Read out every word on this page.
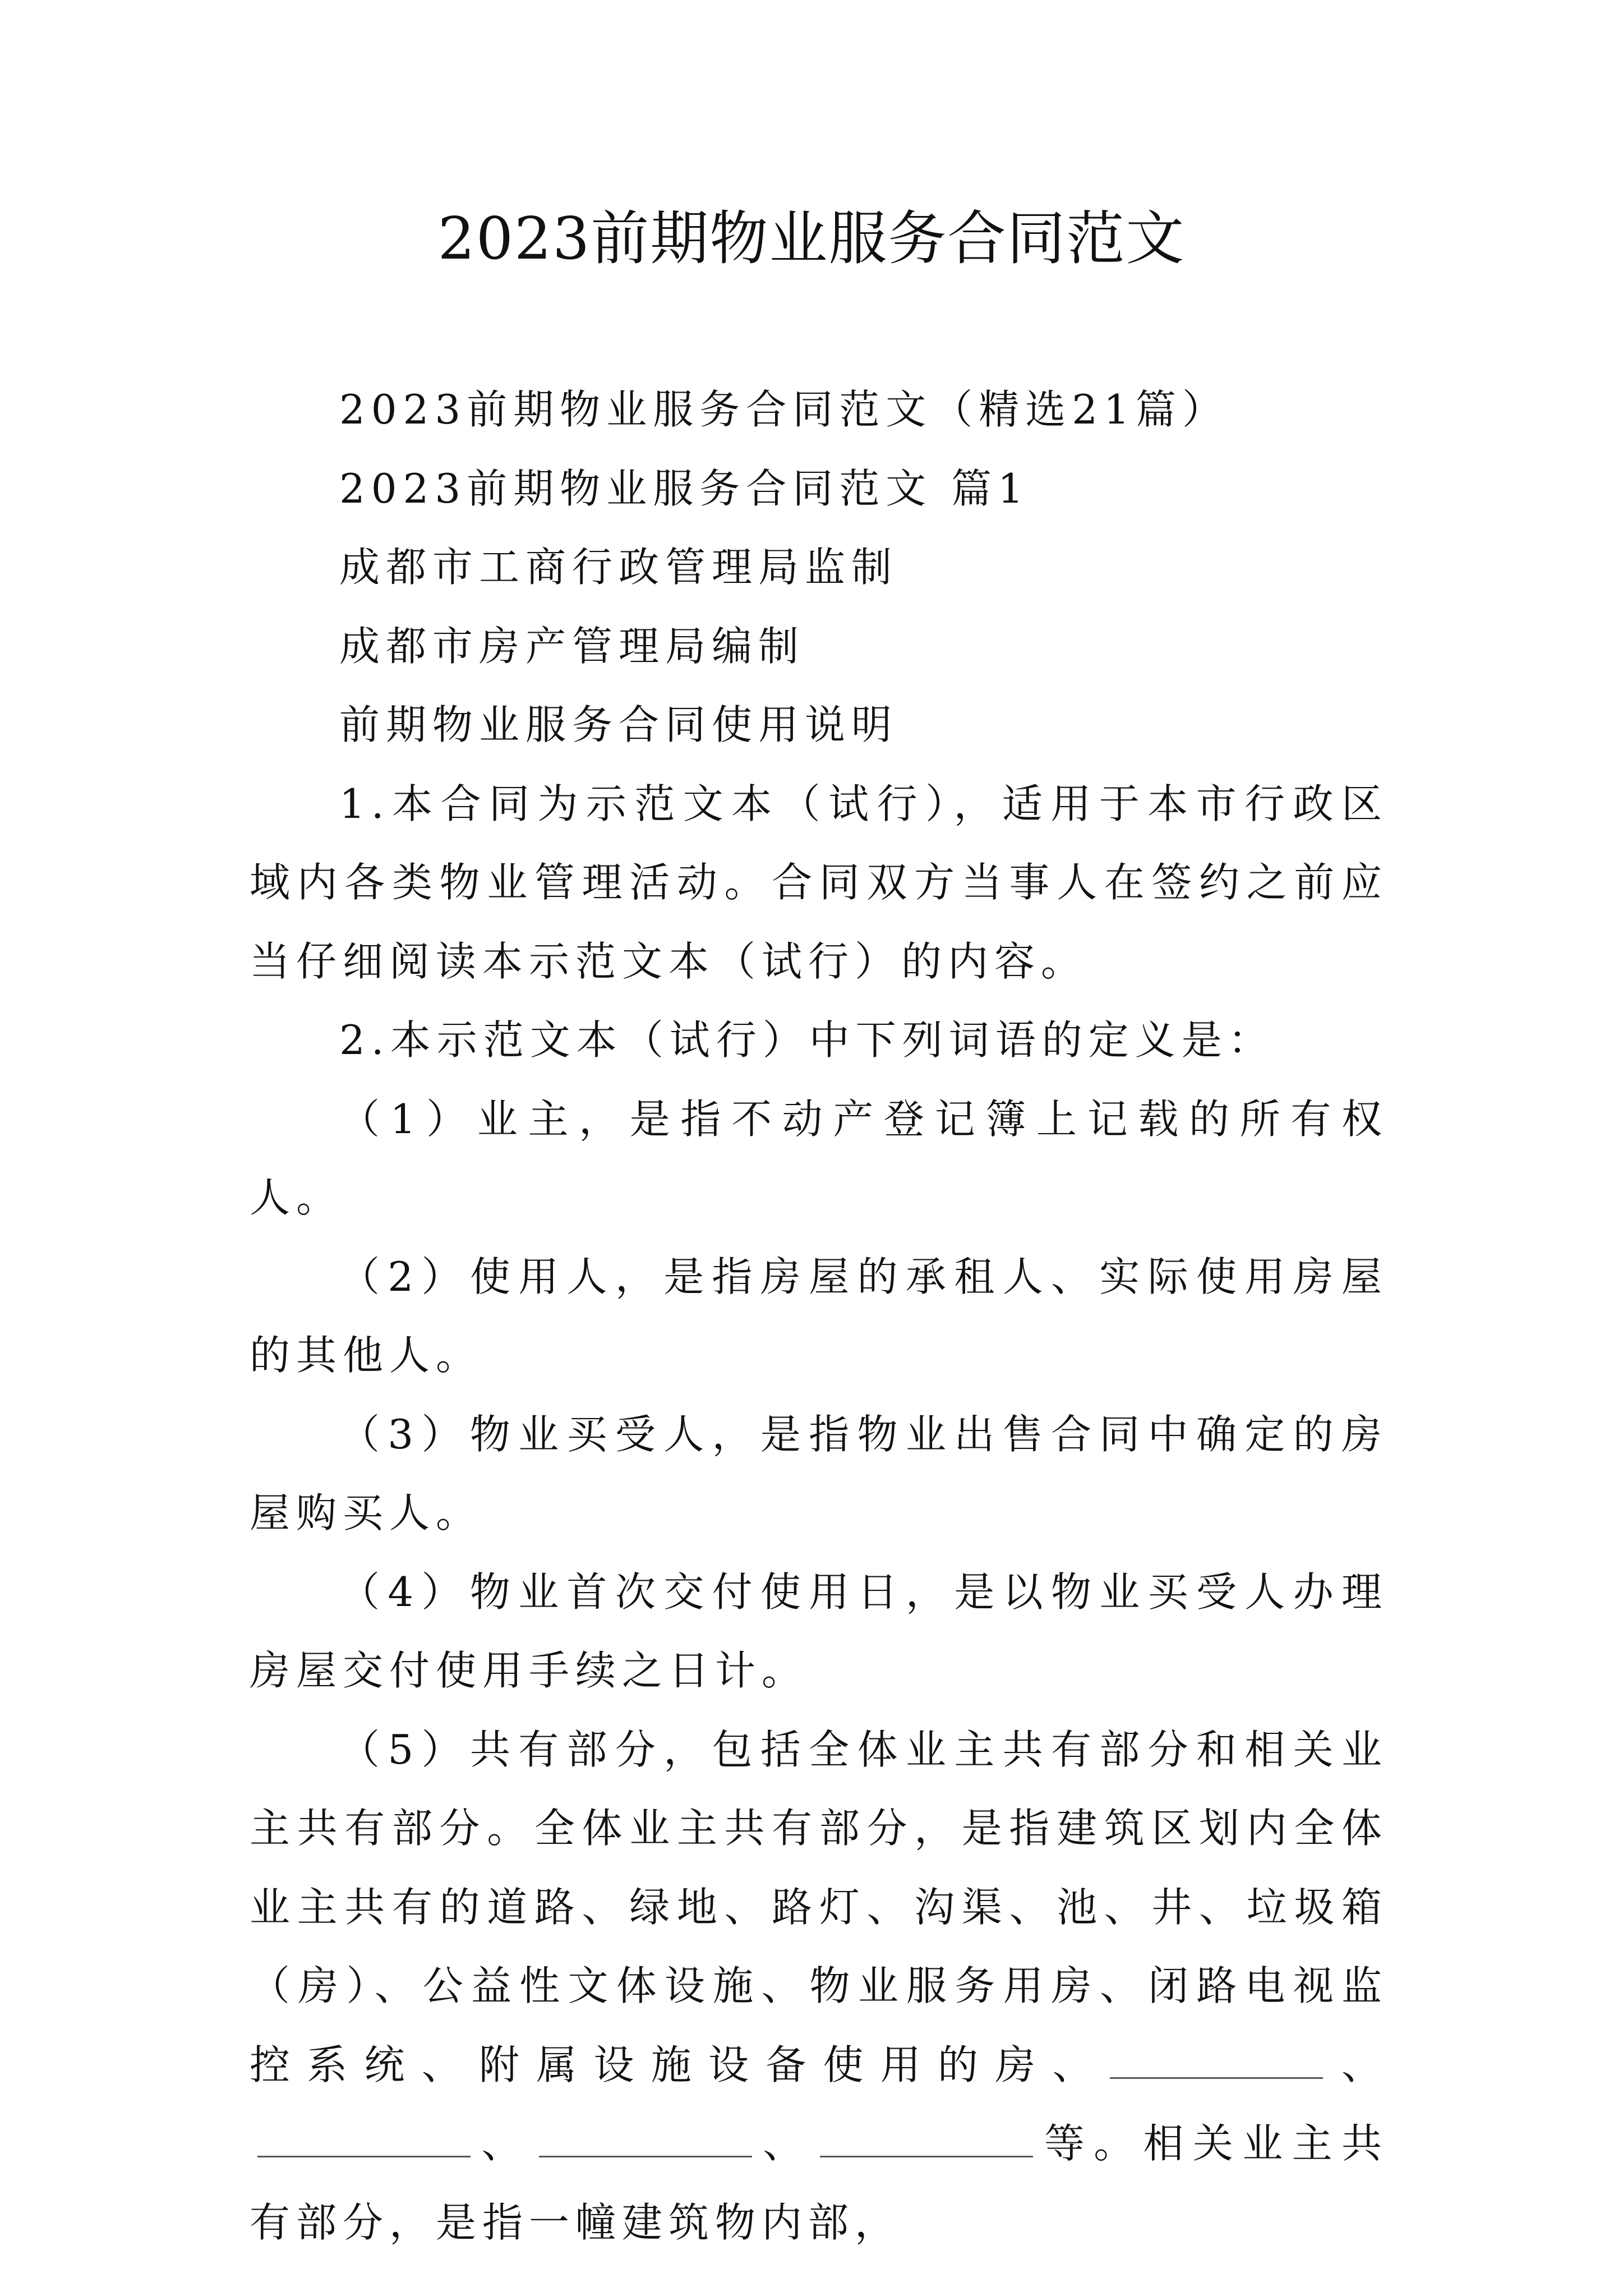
2023前期物业服务合同范文

2023前期物业服务合同范文（精选21篇）

2023前期物业服务合同范文 篇1

成都市工商行政管理局监制

成都市房产管理局编制

前期物业服务合同使用说明

1.本合同为示范文本（试行），适用于本市行政区域内各类物业管理活动。合同双方当事人在签约之前应当仔细阅读本示范文本（试行）的内容。

2.本示范文本（试行）中下列词语的定义是：

（1）业主，是指不动产登记簿上记载的所有权人。

（2）使用人，是指房屋的承租人、实际使用房屋的其他人。

（3）物业买受人，是指物业出售合同中确定的房屋购买人。

（4）物业首次交付使用日，是以物业买受人办理房屋交付使用手续之日计。

（5）共有部分，包括全体业主共有部分和相关业主共有部分。全体业主共有部分，是指建筑区划内全体业主共有的道路、绿地、路灯、沟渠、池、井、垃圾箱（房）、公益性文体设施、物业服务用房、闭路电视监控系统、附属设施设备使用的房、	、、	、	等。相关业主共有部分，是指一幢建筑物内部，
